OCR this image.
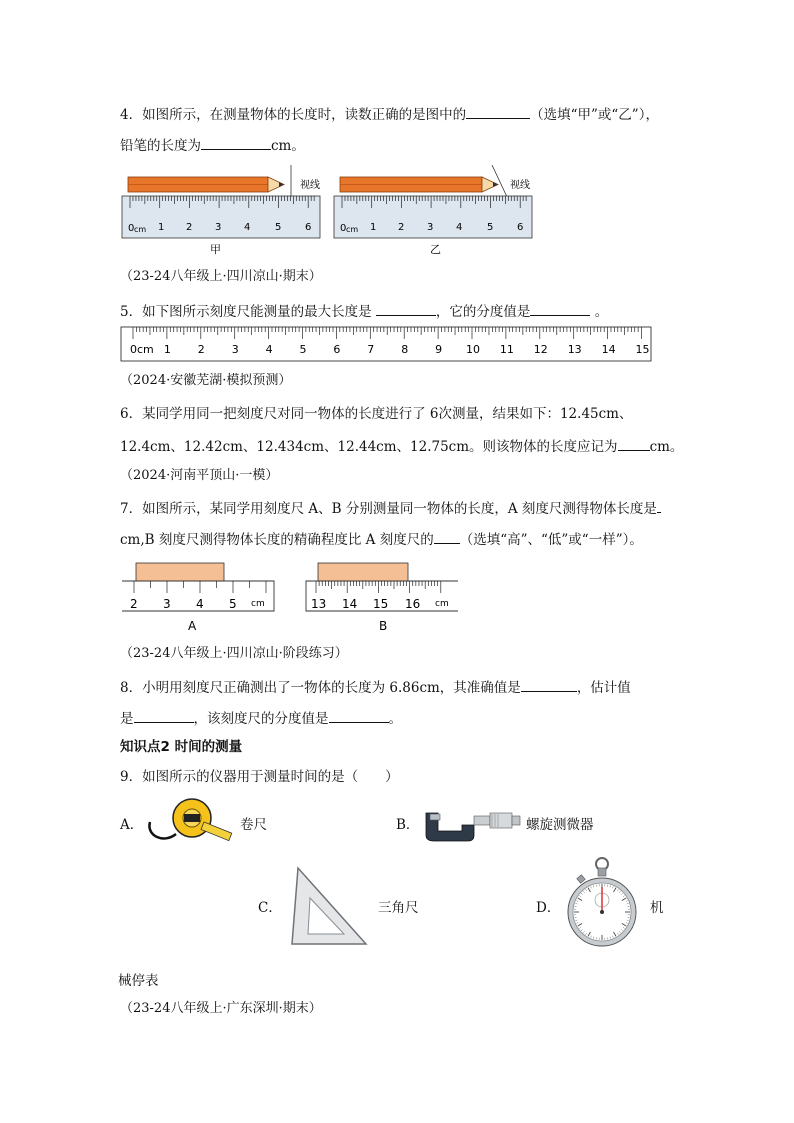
4．如图所示，在测量物体的长度时，读数正确的是图中的	（选填“甲”或“乙”），
铅笔的长度为	cm。
视线
0 cm 1 2 3 4 5 6
甲
视线
0 cm 1 2 3 4 5 6
乙
（23-24八年级上·四川凉山·期末）
5．如下图所示刻度尺能测量的最大长度是	，它的分度值是	。
0 cm 1 2 3 4 5 6 7 8 9 10 11 12 13 14 15
（2024·安徽芜湖·模拟预测）
6．某同学用同一把刻度尺对同一物体的长度进行了 6次测量，结果如下：12.45cm、
12.4cm、12.42cm、12.434cm、12.44cm、12.75cm。则该物体的长度应记为 cm。
（2024·河南平顶山·一模）
7．如图所示，某同学用刻度尺 A、B 分别测量同一物体的长度，A 刻度尺测得物体长度是
cm,B 刻度尺测得物体长度的精确程度比 A 刻度尺的 （选填“高”、“低”或“一样”）。
2 3 4 5 cm
A
13 14 15 16 cm
B
（23-24八年级上·四川凉山·阶段练习）
8．小明用刻度尺正确测出了一物体的长度为 6.86cm，其准确值是	，估计值
是	，该刻度尺的分度值是	。
知识点2 时间的测量
9．如图所示的仪器用于测量时间的是（　　）
A．	卷尺	B．	螺旋测微器
C．	三角尺	D．	机
械停表
（23-24八年级上·广东深圳·期末）
